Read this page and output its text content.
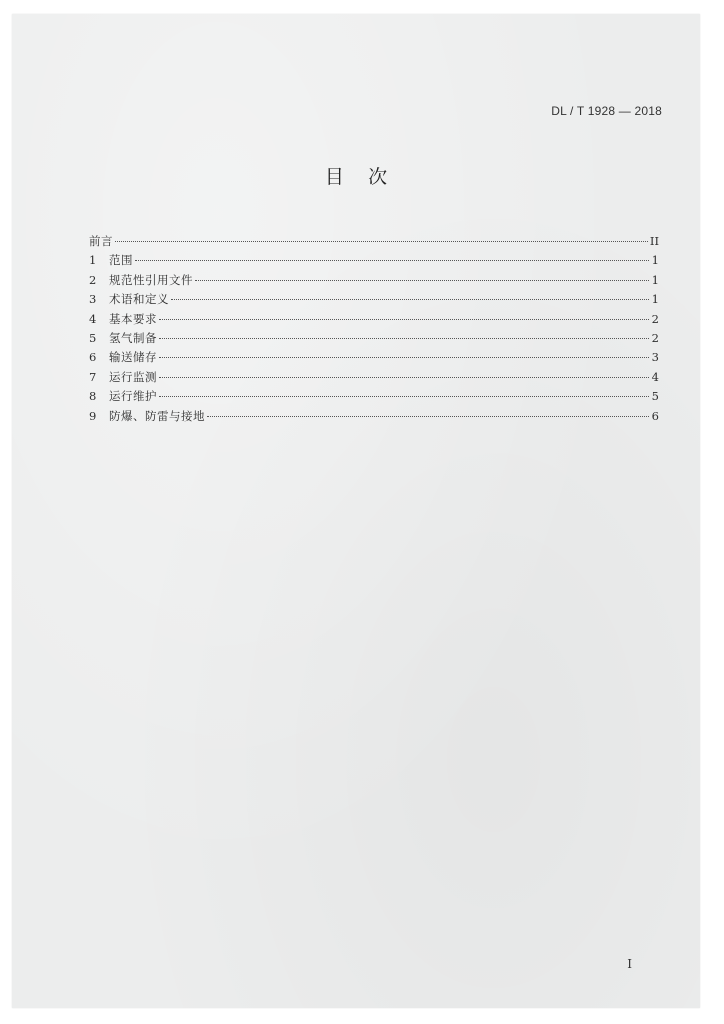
DL / T 1928 — 2018
目    次
前言	II
1	范围	1
2	规范性引用文件	1
3	术语和定义	1
4	基本要求	2
5	氢气制备	2
6	输送储存	3
7	运行监测	4
8	运行维护	5
9	防爆、防雷与接地	6
I
